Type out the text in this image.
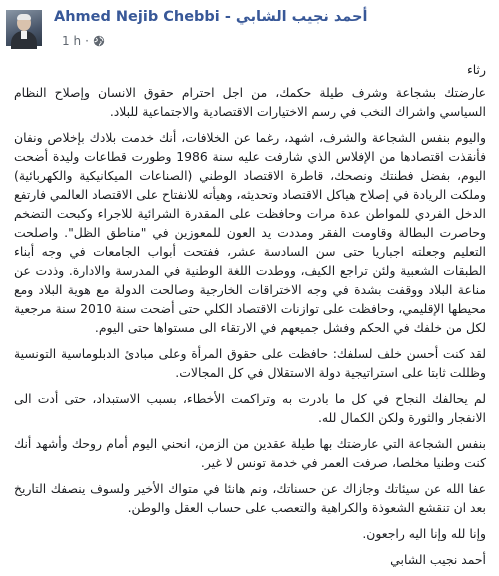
Ahmed Nejib Chebbi - أحمد نجيب الشابي
1 h ·

رثاء

عارضتك بشجاعة وشرف طيلة حكمك، من اجل احترام حقوق الانسان وإصلاح النظام السياسي واشراك النخب في رسم الاختيارات الاقتصادية والاجتماعية للبلاد.

واليوم بنفس الشجاعة والشرف، اشهد، رغما عن الخلافات، أنك خدمت بلادك بإخلاص ونفان فأنقذت اقتصادها من الإفلاس الذي شارفت عليه سنة 1986 وطورت قطاعات وليدة أضحت اليوم، بفضل فطنتك ونصحك، قاطرة الاقتصاد الوطني (الصناعات الميكانيكية والكهربائية) وملكت الريادة في إصلاح هياكل الاقتصاد وتحديثه، وهيأته للانفتاح على الاقتصاد العالمي فارتفع الدخل الفردي للمواطن عدة مرات وحافظت على المقدرة الشرائية للاجراء وكبحت التضخم وحاصرت البطالة وقاومت الفقر ومددت يد العون للمعوزين في "مناطق الظل". واصلحت التعليم وجعلته اجباريا حتى سن السادسة عشر، ففتحت أبواب الجامعات في وجه أبناء الطبقات الشعبية ولئن تراجع الكيف، ووطدت اللغة الوطنية في المدرسة والادارة. وذدت عن مناعة البلاد ووقفت بشدة في وجه الاختراقات الخارجية وصالحت الدولة مع هوية البلاد ومع محيطها الإقليمي، وحافظت على توازنات الاقتصاد الكلي حتى أضحت سنة 2010 سنة مرجعية لكل من خلفك في الحكم وفشل جميعهم في الارتقاء الى مستواها حتى اليوم.

لقد كنت أحسن خلف لسلفك: حافظت على حقوق المرأة وعلى مبادئ الدبلوماسية التونسية وظللت ثابتا على استراتيجية دولة الاستقلال في كل المجالات.

لم يحالفك النجاح في كل ما بادرت به وتراكمت الأخطاء، بسبب الاستبداد، حتى أدت الى الانفجار والثورة ولكن الكمال لله.

بنفس الشجاعة التي عارضتك بها طيلة عقدين من الزمن، انحني اليوم أمام روحك وأشهد أنك كنت وطنيا مخلصا، صرفت العمر في خدمة تونس لا غير.

عفا الله عن سيئاتك وجازاك عن حسناتك، ونم هانئا في متواك الأخير ولسوف ينصفك التاريخ بعد ان تنقشع الشعوذة والكراهية والتعصب على حساب العقل والوطن.

وإنا لله وإنا اليه راجعون.

أحمد نجيب الشابي
